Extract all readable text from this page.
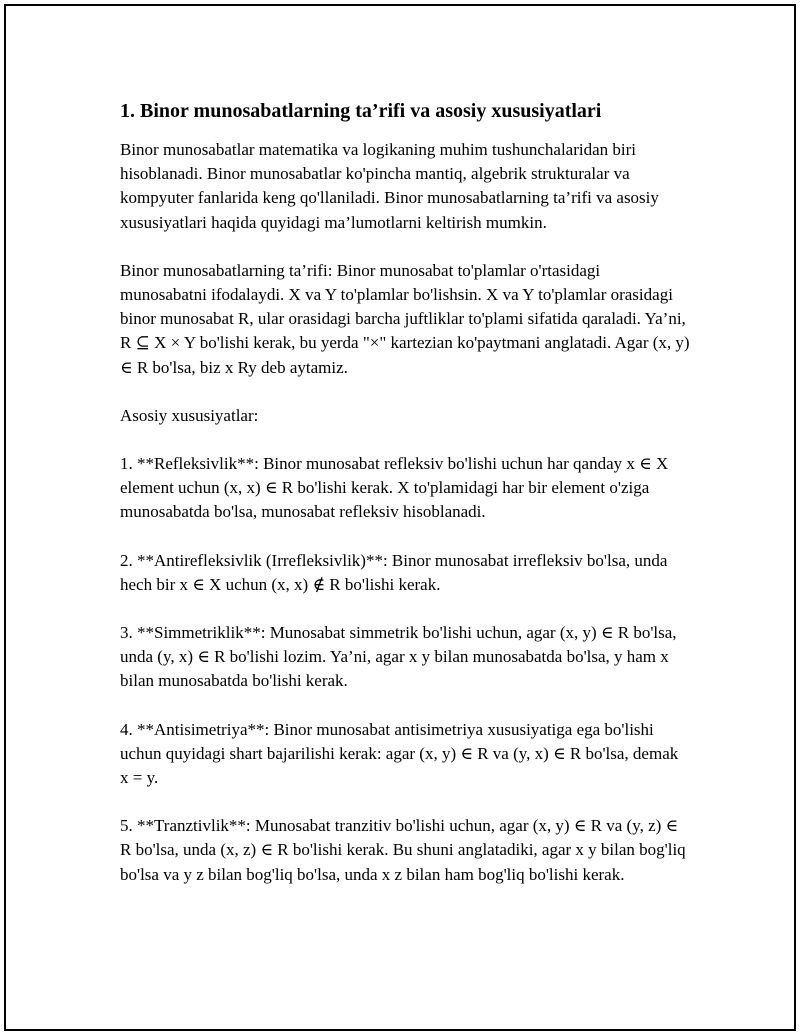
1. Binor munosabatlarning ta’rifi va asosiy xususiyatlari

Binor munosabatlar matematika va logikaning muhim tushunchalaridan biri hisoblanadi. Binor munosabatlar ko'pincha mantiq, algebrik strukturalar va kompyuter fanlarida keng qo'llaniladi. Binor munosabatlarning ta’rifi va asosiy xususiyatlari haqida quyidagi ma’lumotlarni keltirish mumkin.

Binor munosabatlarning ta’rifi: Binor munosabat to'plamlar o'rtasidagi munosabatni ifodalaydi. X va Y to'plamlar bo'lishsin. X va Y to'plamlar orasidagi binor munosabat R, ular orasidagi barcha juftliklar to'plami sifatida qaraladi. Ya’ni, R ⊆ X × Y bo'lishi kerak, bu yerda "×" kartezian ko'paytmani anglatadi. Agar (x, y) ∈ R bo'lsa, biz x Ry deb aytamiz.

Asosiy xususiyatlar:

1. **Refleksivlik**: Binor munosabat refleksiv bo'lishi uchun har qanday x ∈ X element uchun (x, x) ∈ R bo'lishi kerak. X to'plamidagi har bir element o'ziga munosabatda bo'lsa, munosabat refleksiv hisoblanadi.

2. **Antirefleksivlik (Irrefleksivlik)**: Binor munosabat irrefleksiv bo'lsa, unda hech bir x ∈ X uchun (x, x) ∉ R bo'lishi kerak.

3. **Simmetriklik**: Munosabat simmetrik bo'lishi uchun, agar (x, y) ∈ R bo'lsa, unda (y, x) ∈ R bo'lishi lozim. Ya’ni, agar x y bilan munosabatda bo'lsa, y ham x bilan munosabatda bo'lishi kerak.

4. **Antisimetriya**: Binor munosabat antisimetriya xususiyatiga ega bo'lishi uchun quyidagi shart bajarilishi kerak: agar (x, y) ∈ R va (y, x) ∈ R bo'lsa, demak x = y.

5. **Tranztivlik**: Munosabat tranzitiv bo'lishi uchun, agar (x, y) ∈ R va (y, z) ∈ R bo'lsa, unda (x, z) ∈ R bo'lishi kerak. Bu shuni anglatadiki, agar x y bilan bog'liq bo'lsa va y z bilan bog'liq bo'lsa, unda x z bilan ham bog'liq bo'lishi kerak.
